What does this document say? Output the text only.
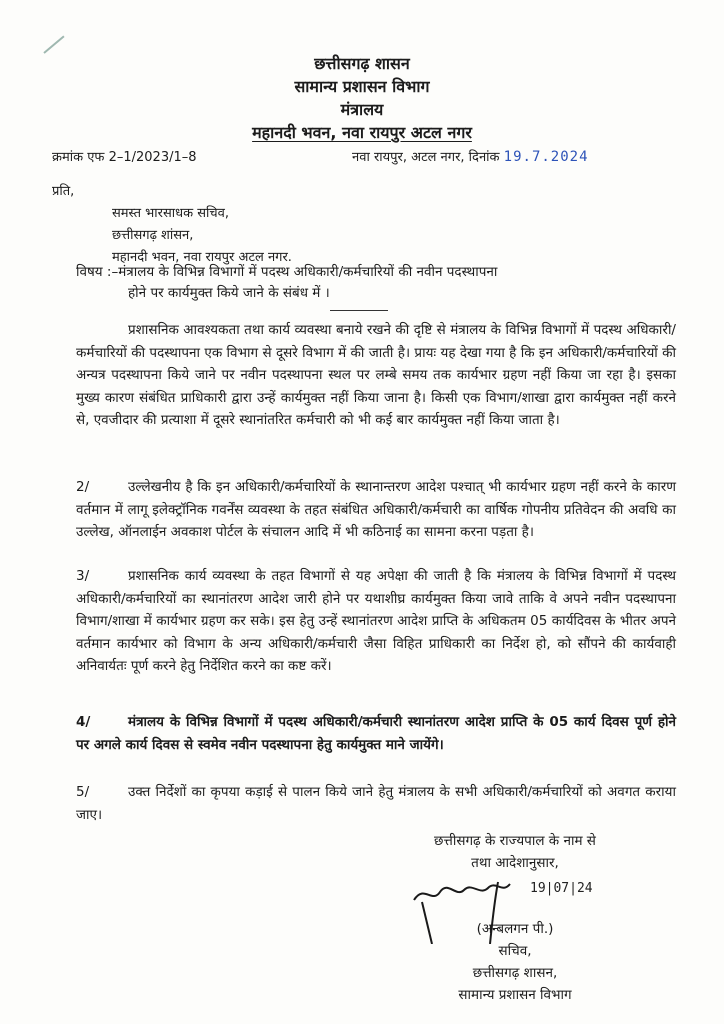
छत्तीसगढ़ शासन
सामान्य प्रशासन विभाग
मंत्रालय
महानदी भवन, नवा रायपुर अटल नगर
क्रमांक एफ 2–1/2023/1–8	नवा रायपुर, अटल नगर, दिनांक 19.7.2024
प्रति,
समस्त भारसाधक सचिव,
छत्तीसगढ़ शांसन,
महानदी भवन, नवा रायपुर अटल नगर.
विषय :–मंत्रालय के विभिन्न विभागों में पदस्थ अधिकारी/कर्मचारियों की नवीन पदस्थापना
होने पर कार्यमुक्त किये जाने के संबंध में ।
प्रशासनिक आवश्यकता तथा कार्य व्यवस्था बनाये रखने की दृष्टि से मंत्रालय के विभिन्न विभागों में पदस्थ अधिकारी/कर्मचारियों की पदस्थापना एक विभाग से दूसरे विभाग में की जाती है। प्रायः यह देखा गया है कि इन अधिकारी/कर्मचारियों की अन्यत्र पदस्थापना किये जाने पर नवीन पदस्थापना स्थल पर लम्बे समय तक कार्यभार ग्रहण नहीं किया जा रहा है। इसका मुख्य कारण संबंधित प्राधिकारी द्वारा उन्हें कार्यमुक्त नहीं किया जाना है। किसी एक विभाग/शाखा द्वारा कार्यमुक्त नहीं करने से, एवजीदार की प्रत्याशा में दूसरे स्थानांतरित कर्मचारी को भी कई बार कार्यमुक्त नहीं किया जाता है।
2/	उल्लेखनीय है कि इन अधिकारी/कर्मचारियों के स्थानान्तरण आदेश पश्चात् भी कार्यभार ग्रहण नहीं करने के कारण वर्तमान में लागू इलेक्ट्रॉनिक गवर्नेंस व्यवस्था के तहत संबंधित अधिकारी/कर्मचारी का वार्षिक गोपनीय प्रतिवेदन की अवधि का उल्लेख, ऑनलाईन अवकाश पोर्टल के संचालन आदि में भी कठिनाई का सामना करना पड़ता है।
3/	प्रशासनिक कार्य व्यवस्था के तहत विभागों से यह अपेक्षा की जाती है कि मंत्रालय के विभिन्न विभागों में पदस्थ अधिकारी/कर्मचारियों का स्थानांतरण आदेश जारी होने पर यथाशीघ्र कार्यमुक्त किया जावे ताकि वे अपने नवीन पदस्थापना विभाग/शाखा में कार्यभार ग्रहण कर सके। इस हेतु उन्हें स्थानांतरण आदेश प्राप्ति के अधिकतम 05 कार्यदिवस के भीतर अपने वर्तमान कार्यभार को विभाग के अन्य अधिकारी/कर्मचारी जैसा विहित प्राधिकारी का निर्देश हो, को सौंपने की कार्यवाही अनिवार्यतः पूर्ण करने हेतु निर्देशित करने का कष्ट करें।
4/	मंत्रालय के विभिन्न विभागों में पदस्थ अधिकारी/कर्मचारी स्थानांतरण आदेश प्राप्ति के 05 कार्य दिवस पूर्ण होने पर अगले कार्य दिवस से स्वमेव नवीन पदस्थापना हेतु कार्यमुक्त माने जायेंगे।
5/	उक्त निर्देशों का कृपया कड़ाई से पालन किये जाने हेतु मंत्रालय के सभी अधिकारी/कर्मचारियों को अवगत कराया जाए।
छत्तीसगढ़ के राज्यपाल के नाम से
तथा आदेशानुसार,
19|07|24
(अन्बलगन पी.)
सचिव,
छत्तीसगढ़ शासन,
सामान्य प्रशासन विभाग
